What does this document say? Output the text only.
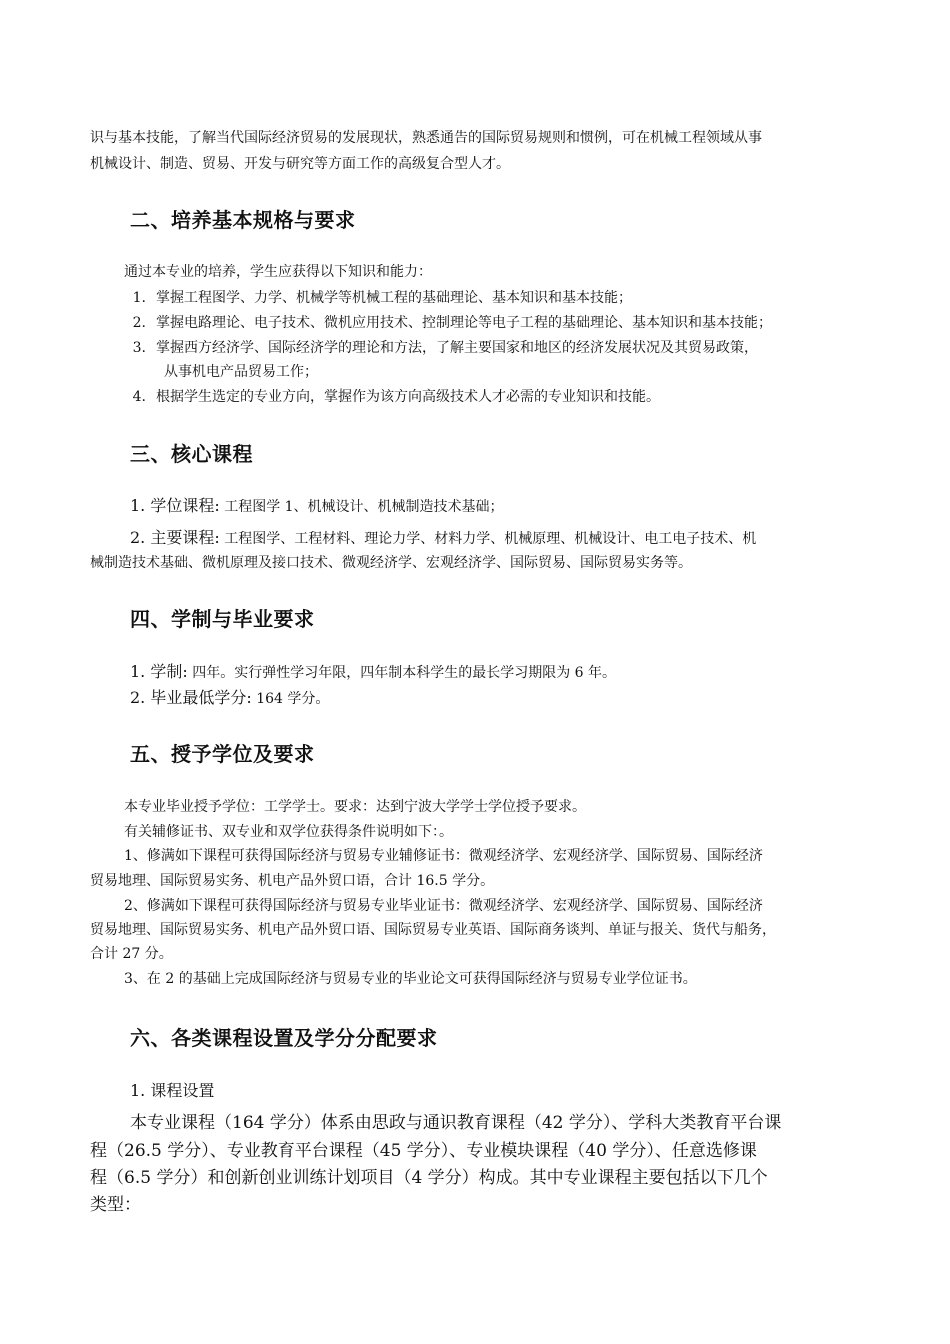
识与基本技能，了解当代国际经济贸易的发展现状，熟悉通告的国际贸易规则和惯例，可在机械工程领域从事
机械设计、制造、贸易、开发与研究等方面工作的高级复合型人才。
二、培养基本规格与要求
通过本专业的培养，学生应获得以下知识和能力：
1. 掌握工程图学、力学、机械学等机械工程的基础理论、基本知识和基本技能；
2. 掌握电路理论、电子技术、微机应用技术、控制理论等电子工程的基础理论、基本知识和基本技能；
3. 掌握西方经济学、国际经济学的理论和方法，了解主要国家和地区的经济发展状况及其贸易政策，
从事机电产品贸易工作；
4. 根据学生选定的专业方向，掌握作为该方向高级技术人才必需的专业知识和技能。
三、核心课程
1. 学位课程: 工程图学 1、机械设计、机械制造技术基础；
2. 主要课程: 工程图学、工程材料、理论力学、材料力学、机械原理、机械设计、电工电子技术、机
械制造技术基础、微机原理及接口技术、微观经济学、宏观经济学、国际贸易、国际贸易实务等。
四、学制与毕业要求
1. 学制: 四年。实行弹性学习年限，四年制本科学生的最长学习期限为 6 年。
2. 毕业最低学分: 164 学分。
五、授予学位及要求
本专业毕业授予学位：工学学士。要求：达到宁波大学学士学位授予要求。
有关辅修证书、双专业和双学位获得条件说明如下：。
1、修满如下课程可获得国际经济与贸易专业辅修证书：微观经济学、宏观经济学、国际贸易、国际经济
贸易地理、国际贸易实务、机电产品外贸口语，合计 16.5 学分。
2、修满如下课程可获得国际经济与贸易专业毕业证书：微观经济学、宏观经济学、国际贸易、国际经济
贸易地理、国际贸易实务、机电产品外贸口语、国际贸易专业英语、国际商务谈判、单证与报关、货代与船务，
合计 27 分。
3、在 2 的基础上完成国际经济与贸易专业的毕业论文可获得国际经济与贸易专业学位证书。
六、各类课程设置及学分分配要求
1. 课程设置
本专业课程（164 学分）体系由思政与通识教育课程（42 学分）、学科大类教育平台课
程（26.5 学分）、专业教育平台课程（45 学分）、专业模块课程（40 学分）、任意选修课
程（6.5 学分）和创新创业训练计划项目（4 学分）构成。其中专业课程主要包括以下几个
类型：
